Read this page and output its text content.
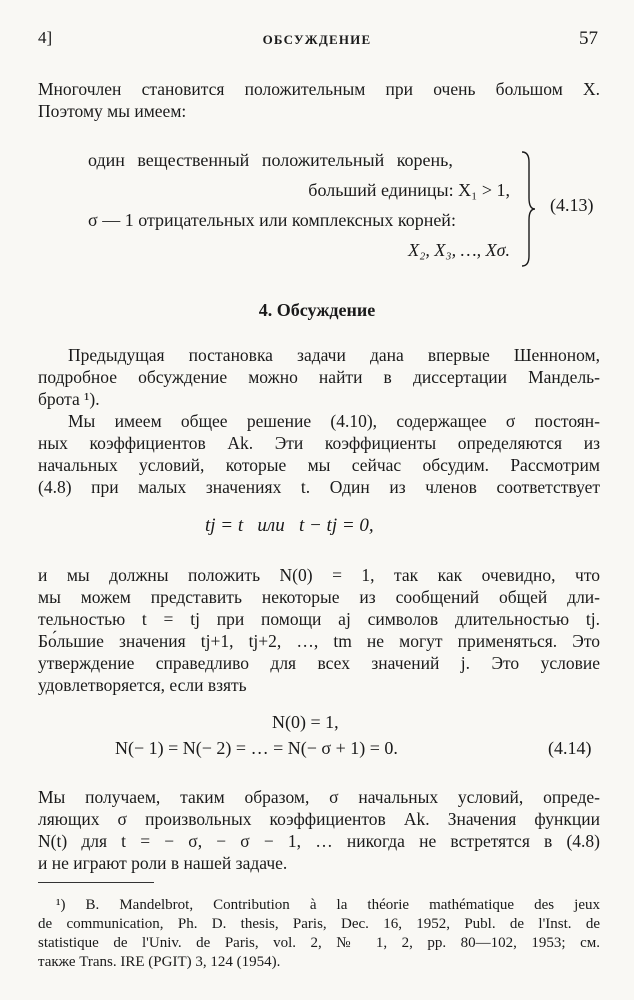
4]	ОБСУЖДЕНИЕ	57
Многочлен становится положительным при очень большом X.
Поэтому мы имеем:
один вещественный положительный корень,
больший единицы: X₁ > 1,
σ — 1 отрицательных или комплексных корней:
X₂, X₃, …, Xσ.
(4.13)
4. Обсуждение
Предыдущая постановка задачи дана впервые Шенноном,
подробное обсуждение можно найти в диссертации Мандель-
брота ¹).
Мы имеем общее решение (4.10), содержащее σ постоян-
ных коэффициентов Ak. Эти коэффициенты определяются из
начальных условий, которые мы сейчас обсудим. Рассмотрим
(4.8) при малых значениях t. Один из членов соответствует
tj = t   или   t − tj = 0,
и мы должны положить N(0) = 1, так как очевидно, что
мы можем представить некоторые из сообщений общей дли-
тельностью t = tj при помощи aj символов длительностью tj.
Бо́льшие значения tj+1, tj+2, …, tm не могут применяться. Это
утверждение справедливо для всех значений j. Это условие
удовлетворяется, если взять
N(0) = 1,
N(− 1) = N(− 2) = … = N(− σ + 1) = 0.	(4.14)
Мы получаем, таким образом, σ начальных условий, опреде-
ляющих σ произвольных коэффициентов Ak. Значения функции
N(t) для t = − σ, − σ − 1, … никогда не встретятся в (4.8)
и не играют роли в нашей задаче.
¹) B. Mandelbrot, Contribution à la théorie mathématique des jeux
de communication, Ph. D. thesis, Paris, Dec. 16, 1952, Publ. de l'Inst. de
statistique de l'Univ. de Paris, vol. 2, № 1, 2, pp. 80—102, 1953; см.
также Trans. IRE (PGIT) 3, 124 (1954).
